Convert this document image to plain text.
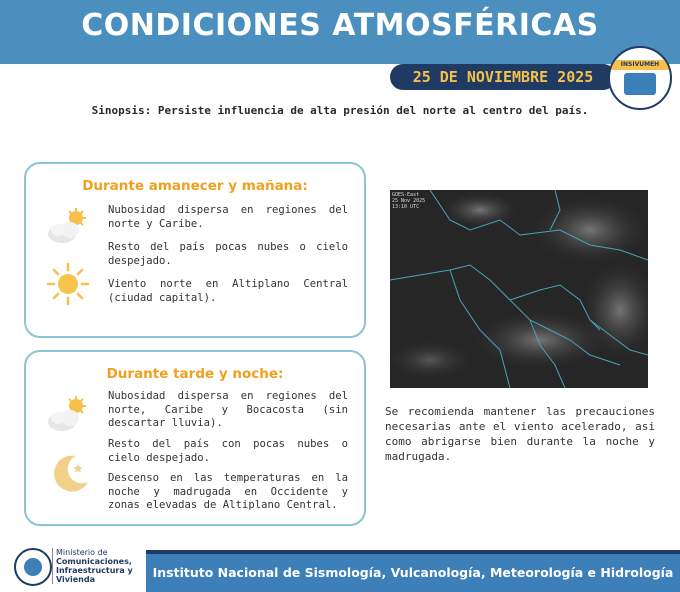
CONDICIONES ATMOSFÉRICAS
25 DE NOVIEMBRE 2025
INSIVUMEH
Sinopsis: Persiste influencia de alta presión del norte al centro del país.
Durante amanecer y mañana:
Nubosidad dispersa en regiones del norte y Caribe.
Resto del país pocas nubes o cielo despejado.
Viento norte en Altiplano Central (ciudad capital).
Durante tarde y noche:
Nubosidad dispersa en regiones del norte, Caribe y Bocacosta (sin descartar lluvia).
Resto del país con pocas nubes o cielo despejado.
Descenso en las temperaturas en la noche y madrugada en Occidente y zonas elevadas de Altiplano Central.
GOES-East
25 Nov 2025
13:10 UTC
Se recomienda mantener las precauciones necesarias ante el viento acelerado, asi como abrigarse bien durante la noche y madrugada.
Ministerio de
Comunicaciones,
Infraestructura y
Vivienda	Instituto Nacional de Sismología, Vulcanología, Meteorología e Hidrología
